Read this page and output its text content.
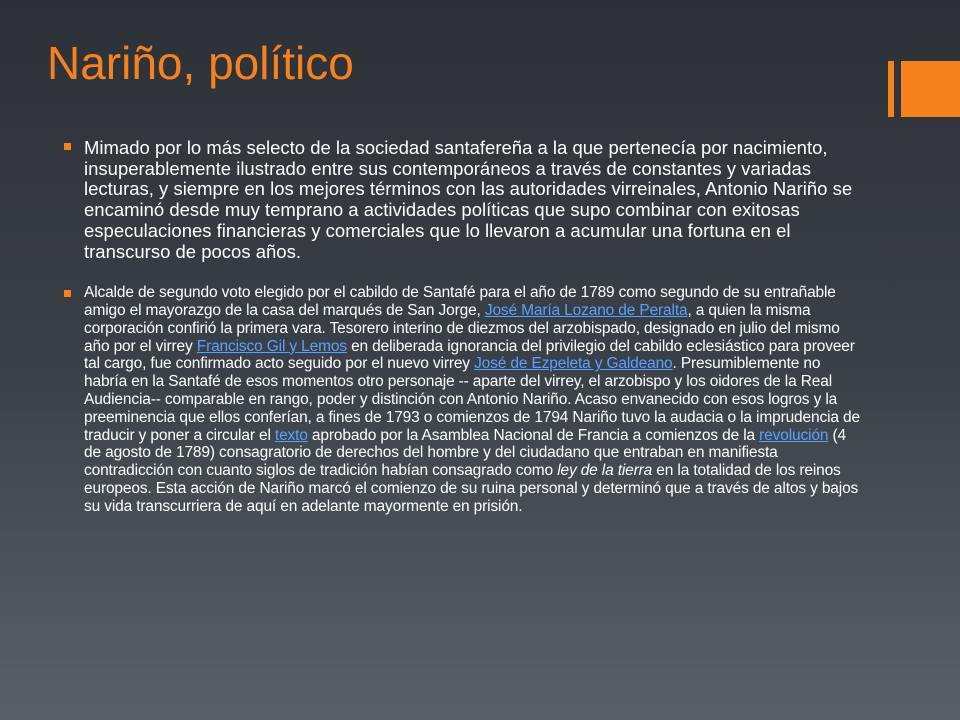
Nariño, político
Mimado por lo más selecto de la sociedad santafereña a la que pertenecía por nacimiento, insuperablemente ilustrado entre sus contemporáneos a través de constantes y variadas lecturas, y siempre en los mejores términos con las autoridades virreinales, Antonio Nariño se encaminó desde muy temprano a actividades políticas que supo combinar con exitosas especulaciones financieras y comerciales que lo llevaron a acumular una fortuna en el transcurso de pocos años.
Alcalde de segundo voto elegido por el cabildo de Santafé para el año de 1789 como segundo de su entrañable amigo el mayorazgo de la casa del marqués de San Jorge, José María Lozano de Peralta, a quien la misma corporación confirió la primera vara. Tesorero interino de diezmos del arzobispado, designado en julio del mismo año por el virrey Francisco Gil y Lemos en deliberada ignorancia del privilegio del cabildo eclesiástico para proveer tal cargo, fue confirmado acto seguido por el nuevo virrey José de Ezpeleta y Galdeano. Presumiblemente no habría en la Santafé de esos momentos otro personaje -- aparte del virrey, el arzobispo y los oidores de la Real Audiencia-- comparable en rango, poder y distinción con Antonio Nariño. Acaso envanecido con esos logros y la preeminencia que ellos conferían, a fines de 1793 o comienzos de 1794 Nariño tuvo la audacia o la imprudencia de traducir y poner a circular el texto aprobado por la Asamblea Nacional de Francia a comienzos de la revolución (4 de agosto de 1789) consagratorio de derechos del hombre y del ciudadano que entraban en manifiesta contradicción con cuanto siglos de tradición habían consagrado como ley de la tierra en la totalidad de los reinos europeos. Esta acción de Nariño marcó el comienzo de su ruina personal y determinó que a través de altos y bajos su vida transcurriera de aquí en adelante mayormente en prisión.
